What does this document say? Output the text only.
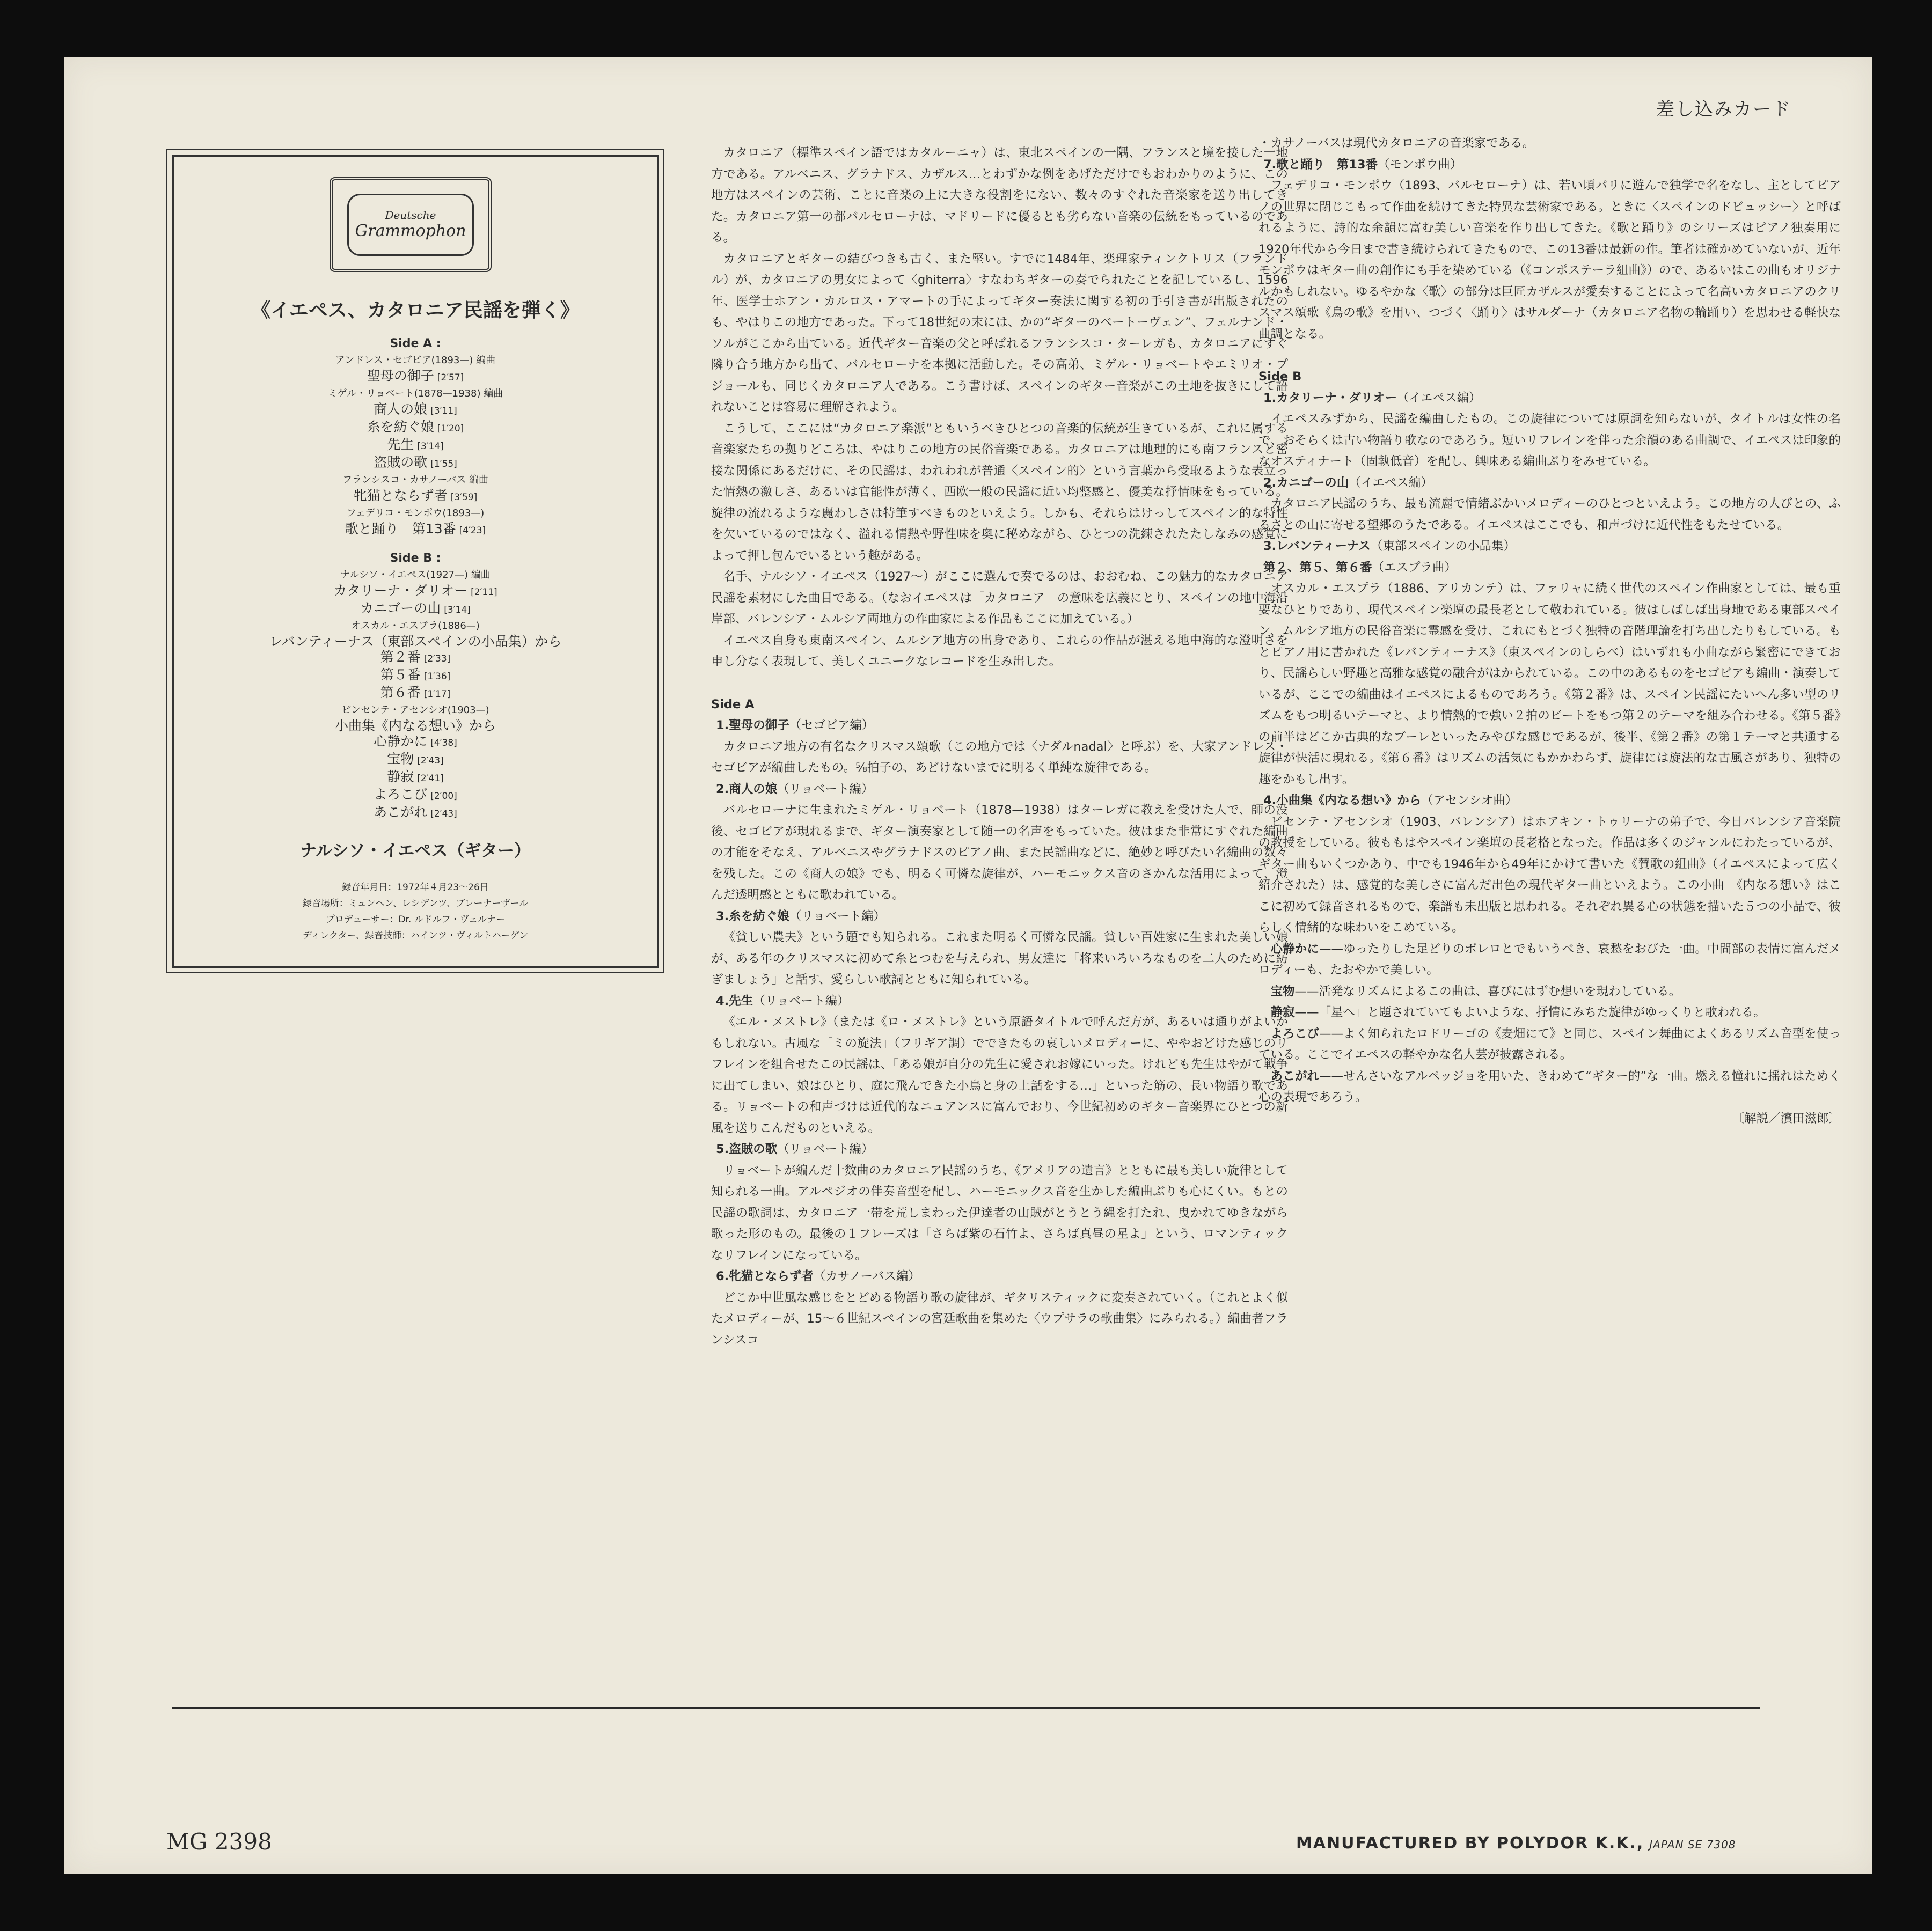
差し込みカード
Deutsche
Grammophon
《イエペス、カタロニア民謡を弾く》
Side A :
アンドレス・セゴビア(1893—) 編曲
聖母の御子 [2′57]
ミゲル・リョベート(1878—1938) 編曲
商人の娘 [3′11]
糸を紡ぐ娘 [1′20]
先生 [3′14]
盗賊の歌 [1′55]
フランシスコ・カサノーバス 編曲
牝猫とならず者 [3′59]
フェデリコ・モンポウ(1893—)
歌と踊り　第13番 [4′23]
Side B :
ナルシソ・イエペス(1927—) 編曲
カタリーナ・ダリオー [2′11]
カニゴーの山 [3′14]
オスカル・エスプラ(1886—)
レバンティーナス（東部スペインの小品集）から
第２番 [2′33]
第５番 [1′36]
第６番 [1′17]
ビンセンテ・アセンシオ(1903—)
小曲集《内なる想い》から
心静かに [4′38]
宝物 [2′43]
静寂 [2′41]
よろこび [2′00]
あこがれ [2′43]
ナルシソ・イエペス（ギター）
録音年月日：1972年４月23〜26日
録音場所：ミュンヘン、レシデンツ、ブレーナーザール
プロデューサー：Dr. ルドルフ・ヴェルナー
ディレクター、録音技師：ハインツ・ヴィルトハーゲン

カタロニア（標準スペイン語ではカタルーニャ）は、東北スペインの一隅、フランスと境を接した一地方である。アルベニス、グラナドス、カザルス…とわずかな例をあげただけでもおわかりのように、この地方はスペインの芸術、ことに音楽の上に大きな役割をにない、数々のすぐれた音楽家を送り出してきた。カタロニア第一の都バルセローナは、マドリードに優るとも劣らない音楽の伝統をもっているのである。

カタロニアとギターの結びつきも古く、また堅い。すでに1484年、楽理家ティンクトリス（フランドル）が、カタロニアの男女によって〈ghiterra〉すなわちギターの奏でられたことを記しているし、1596年、医学士ホアン・カルロス・アマートの手によってギター奏法に関する初の手引き書が出版されたのも、やはりこの地方であった。下って18世紀の末には、かの“ギターのベートーヴェン”、フェルナンド・ソルがここから出ている。近代ギター音楽の父と呼ばれるフランシスコ・ターレガも、カタロニアにすぐ隣り合う地方から出て、バルセローナを本拠に活動した。その高弟、ミゲル・リョベートやエミリオ・プジョールも、同じくカタロニア人である。こう書けば、スペインのギター音楽がこの土地を抜きにして語れないことは容易に理解されよう。

こうして、ここには“カタロニア楽派”ともいうべきひとつの音楽的伝統が生きているが、これに属する音楽家たちの拠りどころは、やはりこの地方の民俗音楽である。カタロニアは地理的にも南フランスと密接な関係にあるだけに、その民謡は、われわれが普通〈スペイン的〉という言葉から受取るような表立った情熱の激しさ、あるいは官能性が薄く、西欧一般の民謡に近い均整感と、優美な抒情味をもっている。旋律の流れるような麗わしさは特筆すべきものといえよう。しかも、それらはけっしてスペイン的な特性を欠いているのではなく、溢れる情熱や野性味を奥に秘めながら、ひとつの洗練されたたしなみの感覚によって押し包んでいるという趣がある。

名手、ナルシソ・イエペス（1927〜）がここに選んで奏でるのは、おおむね、この魅力的なカタロニア民謡を素材にした曲目である。（なおイエペスは「カタロニア」の意味を広義にとり、スペインの地中海沿岸部、バレンシア・ムルシア両地方の作曲家による作品もここに加えている。）

イエペス自身も東南スペイン、ムルシア地方の出身であり、これらの作品が湛える地中海的な澄明さを申し分なく表現して、美しくユニークなレコードを生み出した。

Side A

1.聖母の御子（セゴビア編）

カタロニア地方の有名なクリスマス頌歌（この地方では〈ナダルnadal〉と呼ぶ）を、大家アンドレス・セゴビアが編曲したもの。⅝拍子の、あどけないまでに明るく単純な旋律である。

2.商人の娘（リョベート編）

バルセローナに生まれたミゲル・リョベート（1878—1938）はターレガに教えを受けた人で、師の没後、セゴビアが現れるまで、ギター演奏家として随一の名声をもっていた。彼はまた非常にすぐれた編曲の才能をそなえ、アルベニスやグラナドスのピアノ曲、また民謡曲などに、絶妙と呼びたい名編曲の数々を残した。この《商人の娘》でも、明るく可憐な旋律が、ハーモニックス音のさかんな活用によって、澄んだ透明感とともに歌われている。

3.糸を紡ぐ娘（リョベート編）

《貧しい農夫》という題でも知られる。これまた明るく可憐な民謡。貧しい百姓家に生まれた美しい娘が、ある年のクリスマスに初めて糸とつむを与えられ、男友達に「将来いろいろなものを二人のために紡ぎましょう」と話す、愛らしい歌詞とともに知られている。

4.先生（リョベート編）

《エル・メストレ》（または《ロ・メストレ》という原語タイトルで呼んだ方が、あるいは通りがよいかもしれない。古風な「ミの旋法」（フリギア調）でできたもの哀しいメロディーに、ややおどけた感じのリフレインを組合せたこの民謡は、「ある娘が自分の先生に愛されお嫁にいった。けれども先生はやがて戦争に出てしまい、娘はひとり、庭に飛んできた小鳥と身の上話をする…」といった筋の、長い物語り歌である。リョベートの和声づけは近代的なニュアンスに富んでおり、今世紀初めのギター音楽界にひとつの新風を送りこんだものといえる。

5.盗賊の歌（リョベート編）

リョベートが編んだ十数曲のカタロニア民謡のうち、《アメリアの遺言》とともに最も美しい旋律として知られる一曲。アルペジオの伴奏音型を配し、ハーモニックス音を生かした編曲ぶりも心にくい。もとの民謡の歌詞は、カタロニア一帯を荒しまわった伊達者の山賊がとうとう縄を打たれ、曳かれてゆきながら歌った形のもの。最後の１フレーズは「さらば紫の石竹よ、さらば真昼の星よ」という、ロマンティックなリフレインになっている。

6.牝猫とならず者（カサノーバス編）

どこか中世風な感じをとどめる物語り歌の旋律が、ギタリスティックに変奏されていく。（これとよく似たメロディーが、15〜６世紀スペインの宮廷歌曲を集めた〈ウプサラの歌曲集〉にみられる。）編曲者フランシスコ

・カサノーバスは現代カタロニアの音楽家である。

7.歌と踊り　第13番（モンポウ曲）

フェデリコ・モンポウ（1893、バルセローナ）は、若い頃パリに遊んで独学で名をなし、主としてピアノの世界に閉じこもって作曲を続けてきた特異な芸術家である。ときに〈スペインのドビュッシー〉と呼ばれるように、詩的な余韻に富む美しい音楽を作り出してきた。《歌と踊り》のシリーズはピアノ独奏用に1920年代から今日まで書き続けられてきたもので、この13番は最新の作。筆者は確かめていないが、近年モンポウはギター曲の創作にも手を染めている（《コンポステーラ組曲》）ので、あるいはこの曲もオリジナルかもしれない。ゆるやかな〈歌〉の部分は巨匠カザルスが愛奏することによって名高いカタロニアのクリスマス頌歌《鳥の歌》を用い、つづく〈踊り〉はサルダーナ（カタロニア名物の輪踊り）を思わせる軽快な曲調となる。

Side B

1.カタリーナ・ダリオー（イエペス編）

イエペスみずから、民謡を編曲したもの。この旋律については原詞を知らないが、タイトルは女性の名で、おそらくは古い物語り歌なのであろう。短いリフレインを伴った余韻のある曲調で、イエペスは印象的なオスティナート（固執低音）を配し、興味ある編曲ぶりをみせている。

2.カニゴーの山（イエペス編）

カタロニア民謡のうち、最も流麗で情緒ぶかいメロディーのひとつといえよう。この地方の人びとの、ふるさとの山に寄せる望郷のうたである。イエペスはここでも、和声づけに近代性をもたせている。

3.レバンティーナス（東部スペインの小品集）

第２、第５、第６番（エスプラ曲）

オスカル・エスプラ（1886、アリカンテ）は、ファリャに続く世代のスペイン作曲家としては、最も重要なひとりであり、現代スペイン楽壇の最長老として敬われている。彼はしばしば出身地である東部スペイン、ムルシア地方の民俗音楽に霊感を受け、これにもとづく独特の音階理論を打ち出したりもしている。もとピアノ用に書かれた《レバンティーナス》（東スペインのしらべ）はいずれも小曲ながら緊密にできており、民謡らしい野趣と高雅な感覚の融合がはかられている。この中のあるものをセゴビアも編曲・演奏しているが、ここでの編曲はイエペスによるものであろう。《第２番》は、スペイン民謡にたいへん多い型のリズムをもつ明るいテーマと、より情熱的で強い２拍のビートをもつ第２のテーマを組み合わせる。《第５番》の前半はどこか古典的なブーレといったみやびな感じであるが、後半、《第２番》の第１テーマと共通する旋律が快活に現れる。《第６番》はリズムの活気にもかかわらず、旋律には旋法的な古風さがあり、独特の趣をかもし出す。

4.小曲集《内なる想い》から（アセンシオ曲）

ビセンテ・アセンシオ（1903、バレンシア）はホアキン・トゥリーナの弟子で、今日バレンシア音楽院の教授をしている。彼ももはやスペイン楽壇の長老格となった。作品は多くのジャンルにわたっているが、ギター曲もいくつかあり、中でも1946年から49年にかけて書いた《賛歌の組曲》（イエペスによって広く紹介された）は、感覚的な美しさに富んだ出色の現代ギター曲といえよう。この小曲　《内なる想い》はここに初めて録音されるもので、楽譜も未出版と思われる。それぞれ異る心の状態を描いた５つの小品で、彼らしく情緒的な味わいをこめている。

心静かに——ゆったりした足どりのボレロとでもいうべき、哀愁をおびた一曲。中間部の表情に富んだメロディーも、たおやかで美しい。

宝物——活発なリズムによるこの曲は、喜びにはずむ想いを現わしている。

静寂——「星へ」と題されていてもよいような、抒情にみちた旋律がゆっくりと歌われる。

よろこび——よく知られたロドリーゴの《麦畑にて》と同じ、スペイン舞曲によくあるリズム音型を使っている。ここでイエペスの軽やかな名人芸が披露される。

あこがれ——せんさいなアルペッジョを用いた、きわめて“ギター的”な一曲。燃える憧れに揺れはためく心の表現であろう。

〔解説／濱田滋郎〕

MG 2398	MANUFACTURED BY POLYDOR K.K., JAPAN SE 7308
